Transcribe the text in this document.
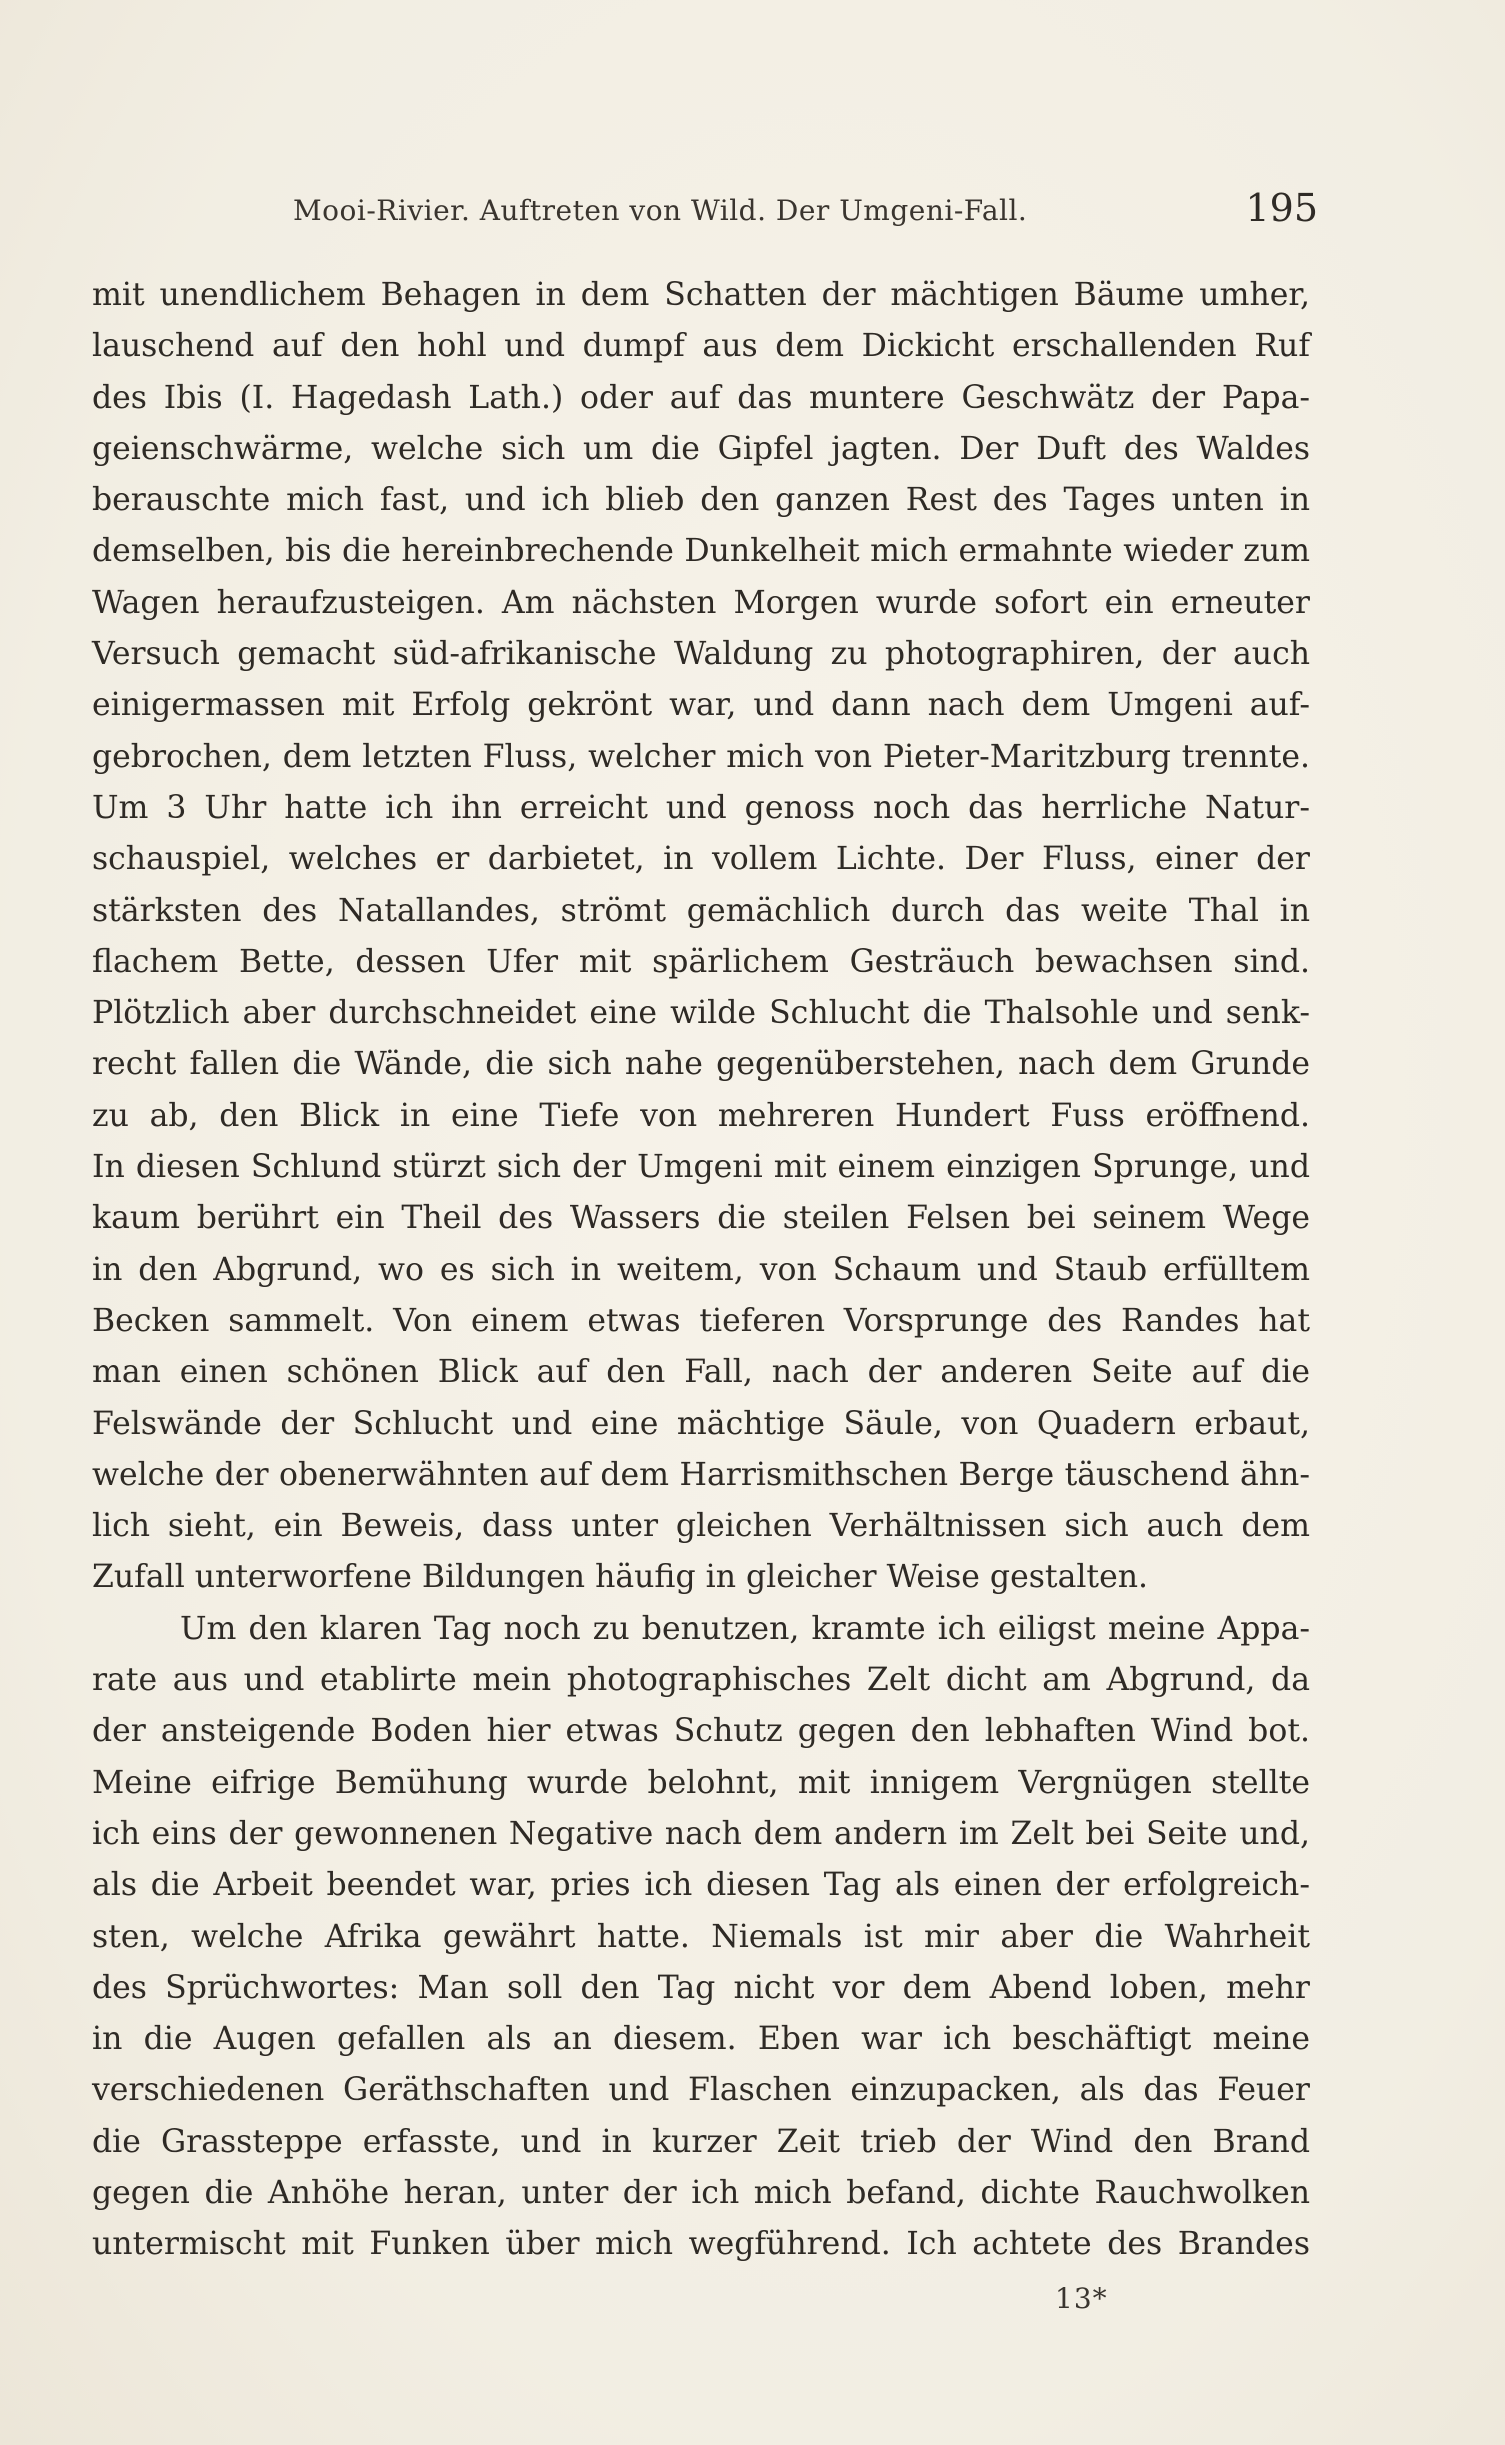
Mooi-Rivier. Auftreten von Wild. Der Umgeni-Fall.	195
mit unendlichem Behagen in dem Schatten der mächtigen Bäume umher,
lauschend auf den hohl und dumpf aus dem Dickicht erschallenden Ruf
des Ibis (I. Hagedash Lath.) oder auf das muntere Geschwätz der Papa-
geienschwärme, welche sich um die Gipfel jagten. Der Duft des Waldes
berauschte mich fast, und ich blieb den ganzen Rest des Tages unten in
demselben, bis die hereinbrechende Dunkelheit mich ermahnte wieder zum
Wagen heraufzusteigen. Am nächsten Morgen wurde sofort ein erneuter
Versuch gemacht süd-afrikanische Waldung zu photographiren, der auch
einigermassen mit Erfolg gekrönt war, und dann nach dem Umgeni auf-
gebrochen, dem letzten Fluss, welcher mich von Pieter-Maritzburg trennte.
Um 3 Uhr hatte ich ihn erreicht und genoss noch das herrliche Natur-
schauspiel, welches er darbietet, in vollem Lichte. Der Fluss, einer der
stärksten des Natallandes, strömt gemächlich durch das weite Thal in
flachem Bette, dessen Ufer mit spärlichem Gesträuch bewachsen sind.
Plötzlich aber durchschneidet eine wilde Schlucht die Thalsohle und senk-
recht fallen die Wände, die sich nahe gegenüberstehen, nach dem Grunde
zu ab, den Blick in eine Tiefe von mehreren Hundert Fuss eröffnend.
In diesen Schlund stürzt sich der Umgeni mit einem einzigen Sprunge, und
kaum berührt ein Theil des Wassers die steilen Felsen bei seinem Wege
in den Abgrund, wo es sich in weitem, von Schaum und Staub erfülltem
Becken sammelt. Von einem etwas tieferen Vorsprunge des Randes hat
man einen schönen Blick auf den Fall, nach der anderen Seite auf die
Felswände der Schlucht und eine mächtige Säule, von Quadern erbaut,
welche der obenerwähnten auf dem Harrismithschen Berge täuschend ähn-
lich sieht, ein Beweis, dass unter gleichen Verhältnissen sich auch dem
Zufall unterworfene Bildungen häufig in gleicher Weise gestalten.
Um den klaren Tag noch zu benutzen, kramte ich eiligst meine Appa-
rate aus und etablirte mein photographisches Zelt dicht am Abgrund, da
der ansteigende Boden hier etwas Schutz gegen den lebhaften Wind bot.
Meine eifrige Bemühung wurde belohnt, mit innigem Vergnügen stellte
ich eins der gewonnenen Negative nach dem andern im Zelt bei Seite und,
als die Arbeit beendet war, pries ich diesen Tag als einen der erfolgreich-
sten, welche Afrika gewährt hatte. Niemals ist mir aber die Wahrheit
des Sprüchwortes: Man soll den Tag nicht vor dem Abend loben, mehr
in die Augen gefallen als an diesem. Eben war ich beschäftigt meine
verschiedenen Geräthschaften und Flaschen einzupacken, als das Feuer
die Grassteppe erfasste, und in kurzer Zeit trieb der Wind den Brand
gegen die Anhöhe heran, unter der ich mich befand, dichte Rauchwolken
untermischt mit Funken über mich wegführend. Ich achtete des Brandes
13*
